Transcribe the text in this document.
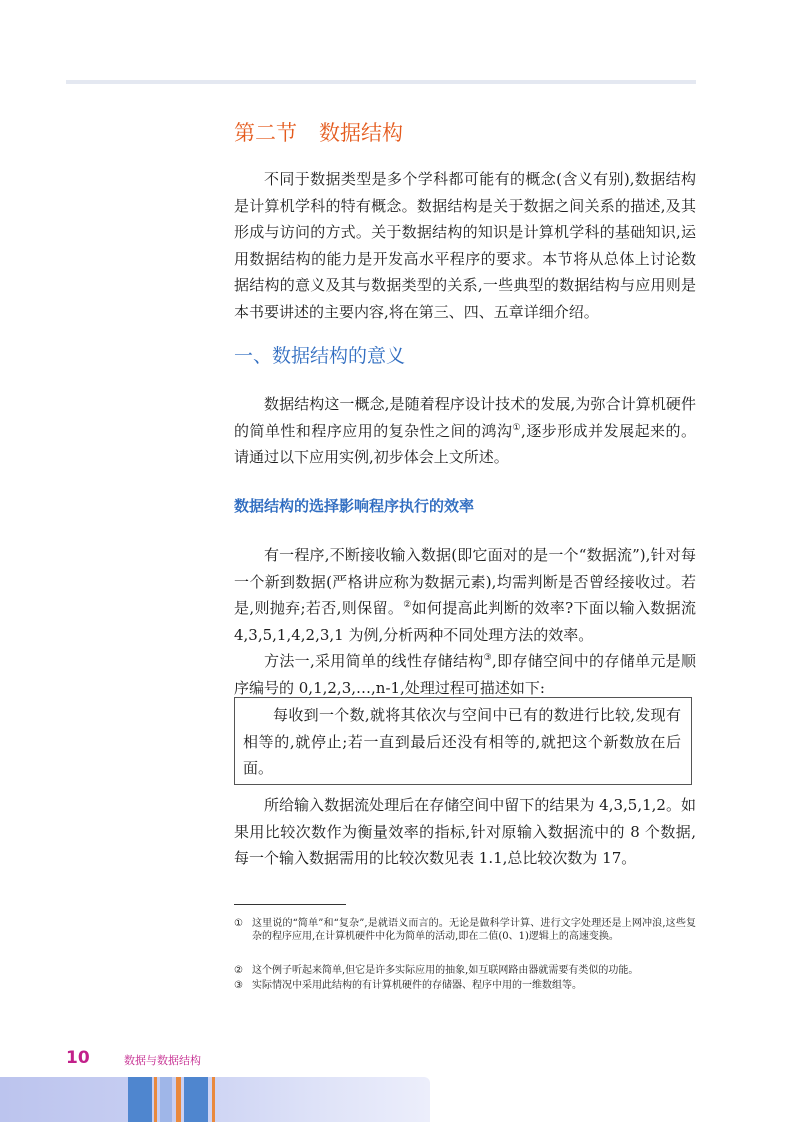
第二节 数据结构

不同于数据类型是多个学科都可能有的概念(含义有别),数据结构是计算机学科的特有概念。数据结构是关于数据之间关系的描述,及其形成与访问的方式。关于数据结构的知识是计算机学科的基础知识,运用数据结构的能力是开发高水平程序的要求。本节将从总体上讨论数据结构的意义及其与数据类型的关系,一些典型的数据结构与应用则是本书要讲述的主要内容,将在第三、四、五章详细介绍。

一、数据结构的意义

数据结构这一概念,是随着程序设计技术的发展,为弥合计算机硬件的简单性和程序应用的复杂性之间的鸿沟①,逐步形成并发展起来的。请通过以下应用实例,初步体会上文所述。

数据结构的选择影响程序执行的效率

有一程序,不断接收输入数据(即它面对的是一个“数据流”),针对每一个新到数据(严格讲应称为数据元素),均需判断是否曾经接收过。若是,则抛弃;若否,则保留。②如何提高此判断的效率?下面以输入数据流 4,3,5,1,4,2,3,1 为例,分析两种不同处理方法的效率。

方法一,采用简单的线性存储结构③,即存储空间中的存储单元是顺序编号的 0,1,2,3,…,n-1,处理过程可描述如下:

每收到一个数,就将其依次与空间中已有的数进行比较,发现有相等的,就停止;若一直到最后还没有相等的,就把这个新数放在后面。

所给输入数据流处理后在存储空间中留下的结果为 4,3,5,1,2。如果用比较次数作为衡量效率的指标,针对原输入数据流中的 8 个数据,每一个输入数据需用的比较次数见表 1.1,总比较次数为 17。

① 这里说的“简单”和“复杂”,是就语义而言的。无论是做科学计算、进行文字处理还是上网冲浪,这些复杂的程序应用,在计算机硬件中化为简单的活动,即在二值(0、1)逻辑上的高速变换。
② 这个例子听起来简单,但它是许多实际应用的抽象,如互联网路由器就需要有类似的功能。
③ 实际情况中采用此结构的有计算机硬件的存储器、程序中用的一维数组等。
10	数据与数据结构
